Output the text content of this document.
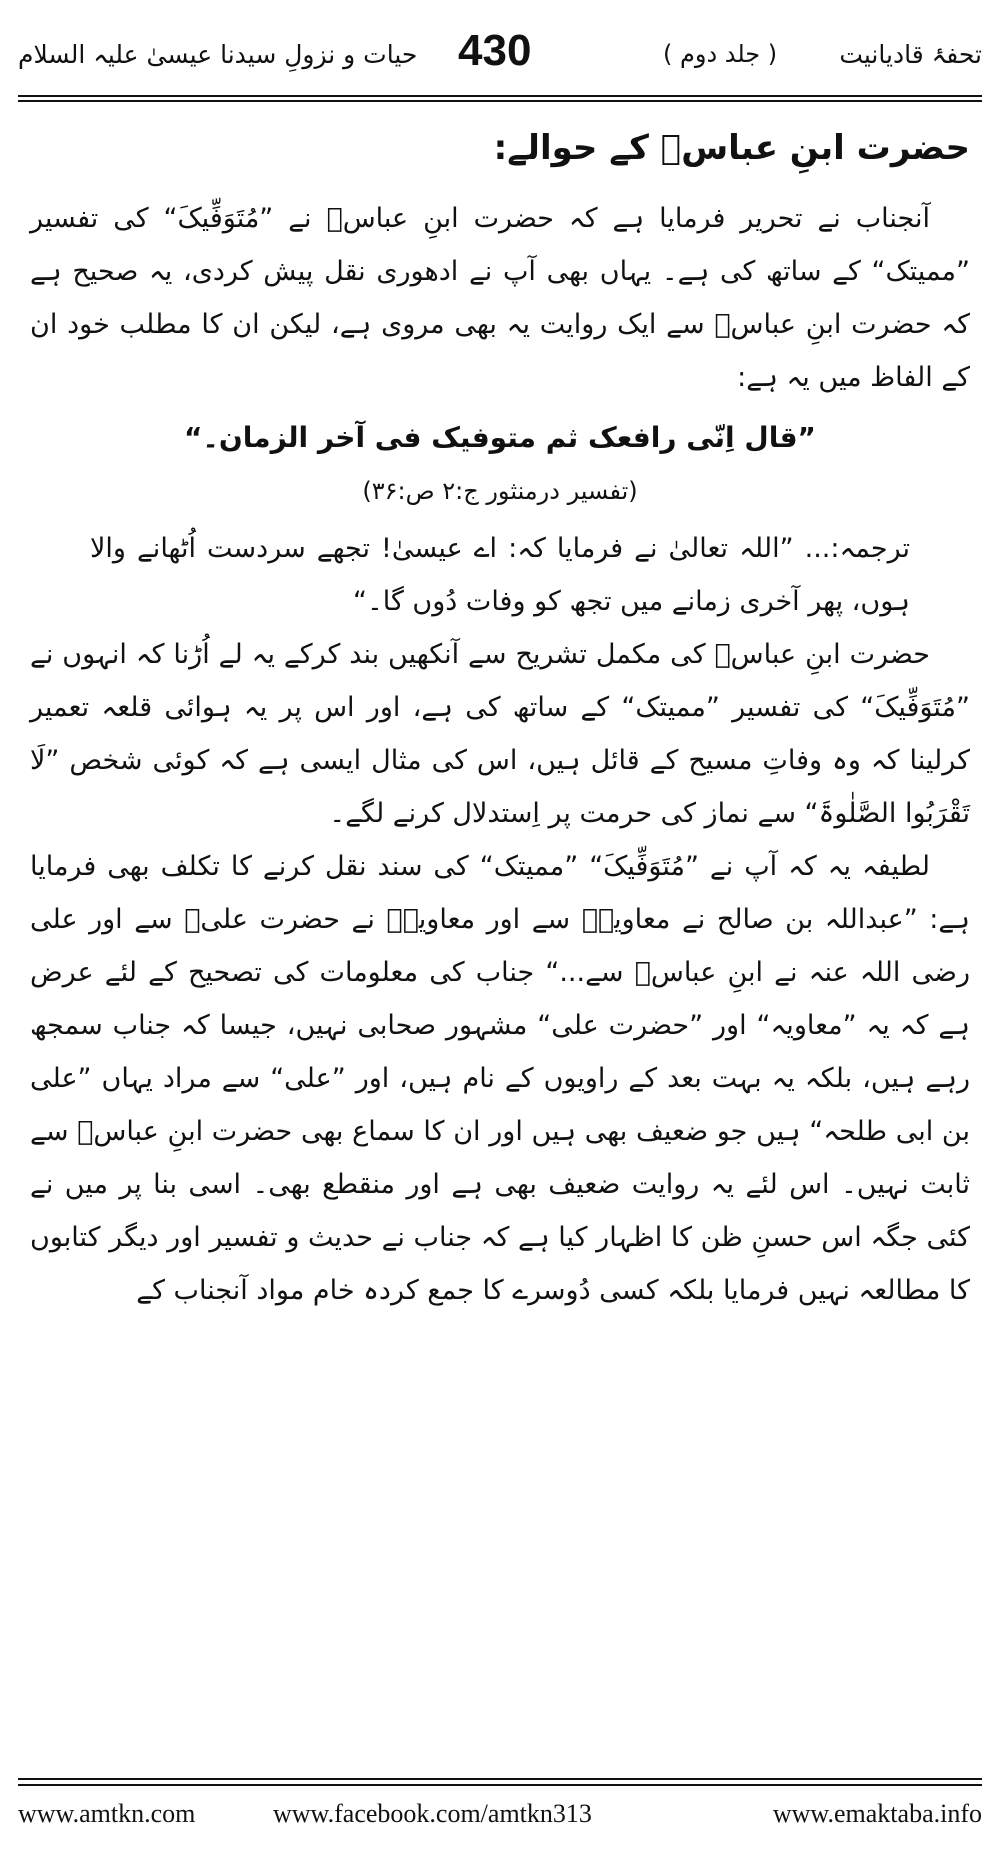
حیات و نزولِ سیدنا عیسیٰ علیہ السلام 430	( جلد دوم ) تحفۂ قادیانیت
حضرت ابنِ عباسؓ کے حوالے:

آنجناب نے تحریر فرمایا ہے کہ حضرت ابنِ عباسؓ نے ”مُتَوَفِّیکَ“ کی تفسیر ”ممیتک“ کے ساتھ کی ہے۔ یہاں بھی آپ نے ادھوری نقل پیش کردی، یہ صحیح ہے کہ حضرت ابنِ عباسؓ سے ایک روایت یہ بھی مروی ہے، لیکن ان کا مطلب خود ان کے الفاظ میں یہ ہے:

”قال اِنّی رافعک ثم متوفیک فی آخر الزمان۔“
(تفسیر درمنثور ج:۲ ص:۳۶)

ترجمہ:... ”اللہ تعالیٰ نے فرمایا کہ: اے عیسیٰ! تجھے سردست اُٹھانے والا ہوں، پھر آخری زمانے میں تجھ کو وفات دُوں گا۔“

حضرت ابنِ عباسؓ کی مکمل تشریح سے آنکھیں بند کرکے یہ لے اُڑنا کہ انہوں نے ”مُتَوَفِّیکَ“ کی تفسیر ”ممیتک“ کے ساتھ کی ہے، اور اس پر یہ ہوائی قلعہ تعمیر کرلینا کہ وہ وفاتِ مسیح کے قائل ہیں، اس کی مثال ایسی ہے کہ کوئی شخص ”لَا تَقْرَبُوا الصَّلٰوۃَ“ سے نماز کی حرمت پر اِستدلال کرنے لگے۔

لطیفہ یہ کہ آپ نے ”مُتَوَفِّیکَ“ ”ممیتک“ کی سند نقل کرنے کا تکلف بھی فرمایا ہے: ”عبداللہ بن صالح نے معاویہؒ سے اور معاویہؒ نے حضرت علیؓ سے اور علی رضی اللہ عنہ نے ابنِ عباسؓ سے...“ جناب کی معلومات کی تصحیح کے لئے عرض ہے کہ یہ ”معاویہ“ اور ”حضرت علی“ مشہور صحابی نہیں، جیسا کہ جناب سمجھ رہے ہیں، بلکہ یہ بہت بعد کے راویوں کے نام ہیں، اور ”علی“ سے مراد یہاں ”علی بن ابی طلحہ“ ہیں جو ضعیف بھی ہیں اور ان کا سماع بھی حضرت ابنِ عباسؓ سے ثابت نہیں۔ اس لئے یہ روایت ضعیف بھی ہے اور منقطع بھی۔ اسی بنا پر میں نے کئی جگہ اس حسنِ ظن کا اظہار کیا ہے کہ جناب نے حدیث و تفسیر اور دیگر کتابوں کا مطالعہ نہیں فرمایا بلکہ کسی دُوسرے کا جمع کردہ خام مواد آنجناب کے

www.amtkn.com	www.facebook.com/amtkn313	www.emaktaba.info
